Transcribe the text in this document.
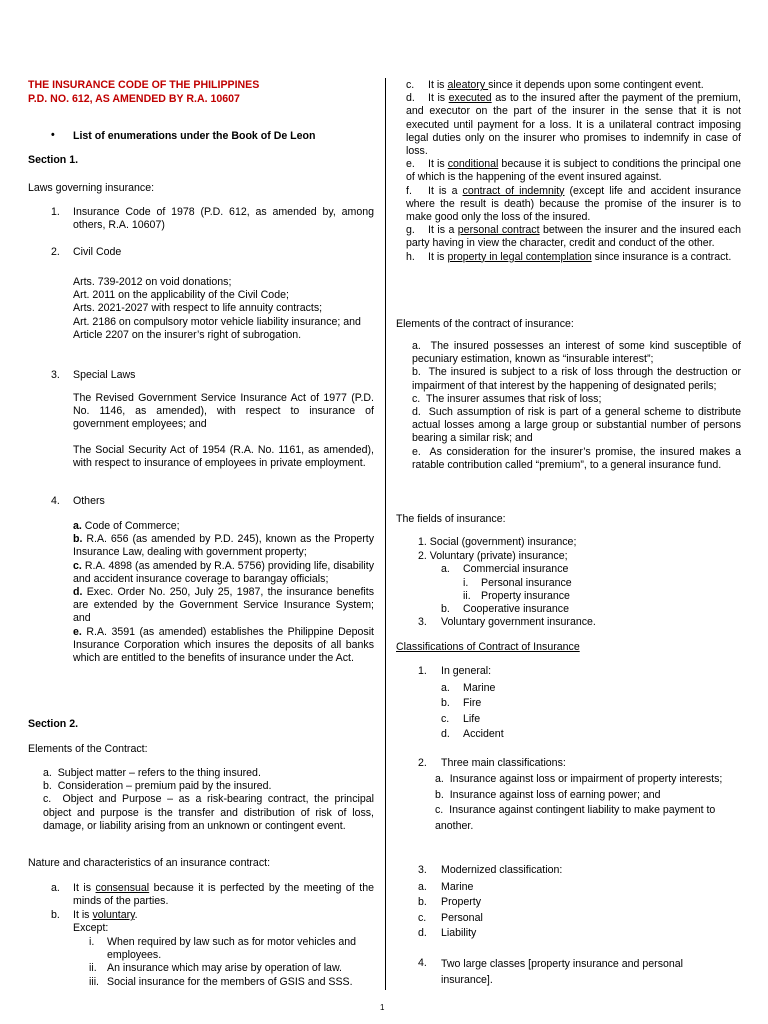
THE INSURANCE CODE OF THE PHILIPPINES
P.D. NO. 612, AS AMENDED BY R.A. 10607
• List of enumerations under the Book of De Leon
Section 1.
Laws governing insurance:
1. Insurance Code of 1978 (P.D. 612, as amended by, among others, R.A. 10607)
2. Civil Code
Arts. 739-2012 on void donations;
Art. 2011 on the applicability of the Civil Code;
Arts. 2021-2027 with respect to life annuity contracts;
Art. 2186 on compulsory motor vehicle liability insurance; and
Article 2207 on the insurer’s right of subrogation.
3. Special Laws
The Revised Government Service Insurance Act of 1977 (P.D. No. 1146, as amended), with respect to insurance of government employees; and
The Social Security Act of 1954 (R.A. No. 1161, as amended), with respect to insurance of employees in private employment.
4. Others
a. Code of Commerce;
b. R.A. 656 (as amended by P.D. 245), known as the Property Insurance Law, dealing with government property;
c. R.A. 4898 (as amended by R.A. 5756) providing life, disability and accident insurance coverage to barangay officials;
d. Exec. Order No. 250, July 25, 1987, the insurance benefits are extended by the Government Service Insurance System; and
e. R.A. 3591 (as amended) establishes the Philippine Deposit Insurance Corporation which insures the deposits of all banks which are entitled to the benefits of insurance under the Act.
Section 2.
Elements of the Contract:
a. Subject matter – refers to the thing insured.
b. Consideration – premium paid by the insured.
c. Object and Purpose – as a risk-bearing contract, the principal object and purpose is the transfer and distribution of risk of loss, damage, or liability arising from an unknown or contingent event.
Nature and characteristics of an insurance contract:
a. It is consensual because it is perfected by the meeting of the minds of the parties.
b. It is voluntary.
Except:
i. When required by law such as for motor vehicles and employees.
ii. An insurance which may arise by operation of law.
iii. Social insurance for the members of GSIS and SSS.
c. It is aleatory since it depends upon some contingent event.
d. It is executed as to the insured after the payment of the premium, and executor on the part of the insurer in the sense that it is not executed until payment for a loss. It is a unilateral contract imposing legal duties only on the insurer who promises to indemnify in case of loss.
e. It is conditional because it is subject to conditions the principal one of which is the happening of the event insured against.
f. It is a contract of indemnity (except life and accident insurance where the result is death) because the promise of the insurer is to make good only the loss of the insured.
g. It is a personal contract between the insurer and the insured each party having in view the character, credit and conduct of the other.
h. It is property in legal contemplation since insurance is a contract.
Elements of the contract of insurance:
a. The insured possesses an interest of some kind susceptible of pecuniary estimation, known as “insurable interest”;
b. The insured is subject to a risk of loss through the destruction or impairment of that interest by the happening of designated perils;
c. The insurer assumes that risk of loss;
d. Such assumption of risk is part of a general scheme to distribute actual losses among a large group or substantial number of persons bearing a similar risk; and
e. As consideration for the insurer’s promise, the insured makes a ratable contribution called “premium”, to a general insurance fund.
The fields of insurance:
1. Social (government) insurance;
2. Voluntary (private) insurance;
a. Commercial insurance
i. Personal insurance
ii. Property insurance
b. Cooperative insurance
3. Voluntary government insurance.
Classifications of Contract of Insurance
1. In general:
a. Marine
b. Fire
c. Life
d. Accident
2. Three main classifications:
a. Insurance against loss or impairment of property interests;
b. Insurance against loss of earning power; and
c. Insurance against contingent liability to make payment to another.
3. Modernized classification:
a. Marine
b. Property
c. Personal
d. Liability
4. Two large classes [property insurance and personal insurance].
1
